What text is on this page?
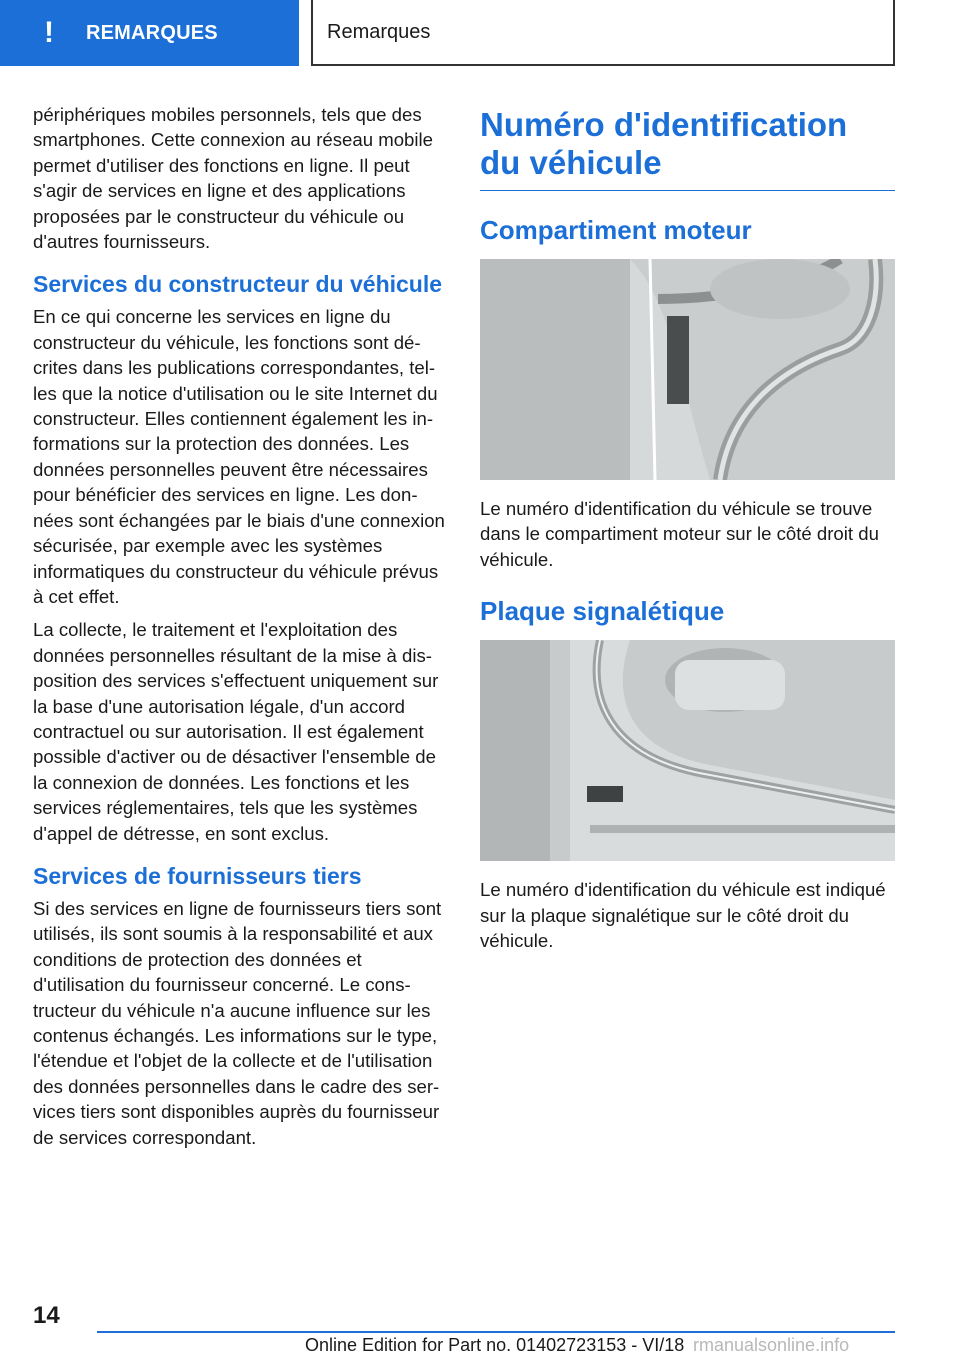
!	REMARQUES	Remarques

périphériques mobiles personnels, tels que des smartphones. Cette connexion au réseau mobile permet d'utiliser des fonctions en ligne. Il peut s'agir de services en ligne et des applications proposées par le constructeur du véhicule ou d'autres fournisseurs.

Services du constructeur du véhicule

En ce qui concerne les services en ligne du constructeur du véhicule, les fonctions sont décrites dans les publications correspondantes, telles que la notice d'utilisation ou le site Internet du constructeur. Elles contiennent également les informations sur la protection des données. Les données personnelles peuvent être nécessaires pour bénéficier des services en ligne. Les données sont échangées par le biais d'une connexion sécurisée, par exemple avec les systèmes informatiques du constructeur du véhicule prévus à cet effet.

La collecte, le traitement et l'exploitation des données personnelles résultant de la mise à disposition des services s'effectuent uniquement sur la base d'une autorisation légale, d'un accord contractuel ou sur autorisation. Il est également possible d'activer ou de désactiver l'ensemble de la connexion de données. Les fonctions et les services réglementaires, tels que les systèmes d'appel de détresse, en sont exclus.

Services de fournisseurs tiers

Si des services en ligne de fournisseurs tiers sont utilisés, ils sont soumis à la responsabilité et aux conditions de protection des données et d'utilisation du fournisseur concerné. Le constructeur du véhicule n'a aucune influence sur les contenus échangés. Les informations sur le type, l'étendue et l'objet de la collecte et de l'utilisation des données personnelles dans le cadre des services tiers sont disponibles auprès du fournisseur de services correspondant.

Numéro d'identification du véhicule
Compartiment moteur

Le numéro d'identification du véhicule se trouve dans le compartiment moteur sur le côté droit du véhicule.

Plaque signalétique

Le numéro d'identification du véhicule est indiqué sur la plaque signalétique sur le côté droit du véhicule.

14
Online Edition for Part no. 01402723153 - VI/18 rmanualsonline.info
